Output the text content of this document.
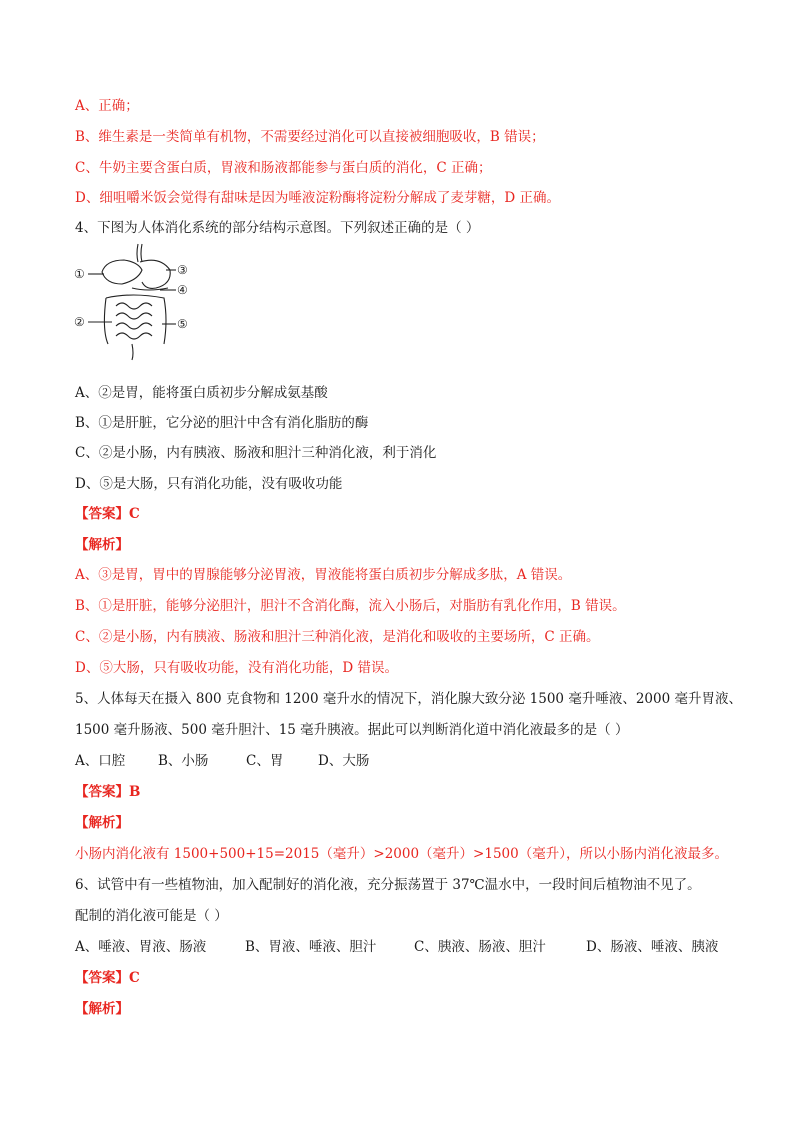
A、正确；
B、维生素是一类简单有机物，不需要经过消化可以直接被细胞吸收，B 错误；
C、牛奶主要含蛋白质，胃液和肠液都能参与蛋白质的消化，C 正确；
D、细咀嚼米饭会觉得有甜味是因为唾液淀粉酶将淀粉分解成了麦芽糖，D 正确。
4、下图为人体消化系统的部分结构示意图。下列叙述正确的是（ ）
①
②
③
④
⑤
A、②是胃，能将蛋白质初步分解成氨基酸
B、①是肝脏，它分泌的胆汁中含有消化脂肪的酶
C、②是小肠，内有胰液、肠液和胆汁三种消化液，利于消化
D、⑤是大肠，只有消化功能，没有吸收功能
【答案】C
【解析】
A、③是胃，胃中的胃腺能够分泌胃液，胃液能将蛋白质初步分解成多肽，A 错误。
B、①是肝脏，能够分泌胆汁，胆汁不含消化酶，流入小肠后，对脂肪有乳化作用，B 错误。
C、②是小肠，内有胰液、肠液和胆汁三种消化液，是消化和吸收的主要场所，C 正确。
D、⑤大肠，只有吸收功能，没有消化功能，D 错误。
5、人体每天在摄入 800 克食物和 1200 毫升水的情况下，消化腺大致分泌 1500 毫升唾液、2000 毫升胃液、
1500 毫升肠液、500 毫升胆汁、15 毫升胰液。据此可以判断消化道中消化液最多的是（ ）
A、口腔 B、小肠	C、胃	D、大肠
【答案】B
【解析】
小肠内消化液有 1500+500+15=2015（毫升）>2000（毫升）>1500（毫升），所以小肠内消化液最多。
6、试管中有一些植物油，加入配制好的消化液，充分振荡置于 37℃温水中，一段时间后植物油不见了。
配制的消化液可能是（ ）
A、唾液、胃液、肠液	B、胃液、唾液、胆汁	C、胰液、肠液、胆汁	D、肠液、唾液、胰液
【答案】C
【解析】
